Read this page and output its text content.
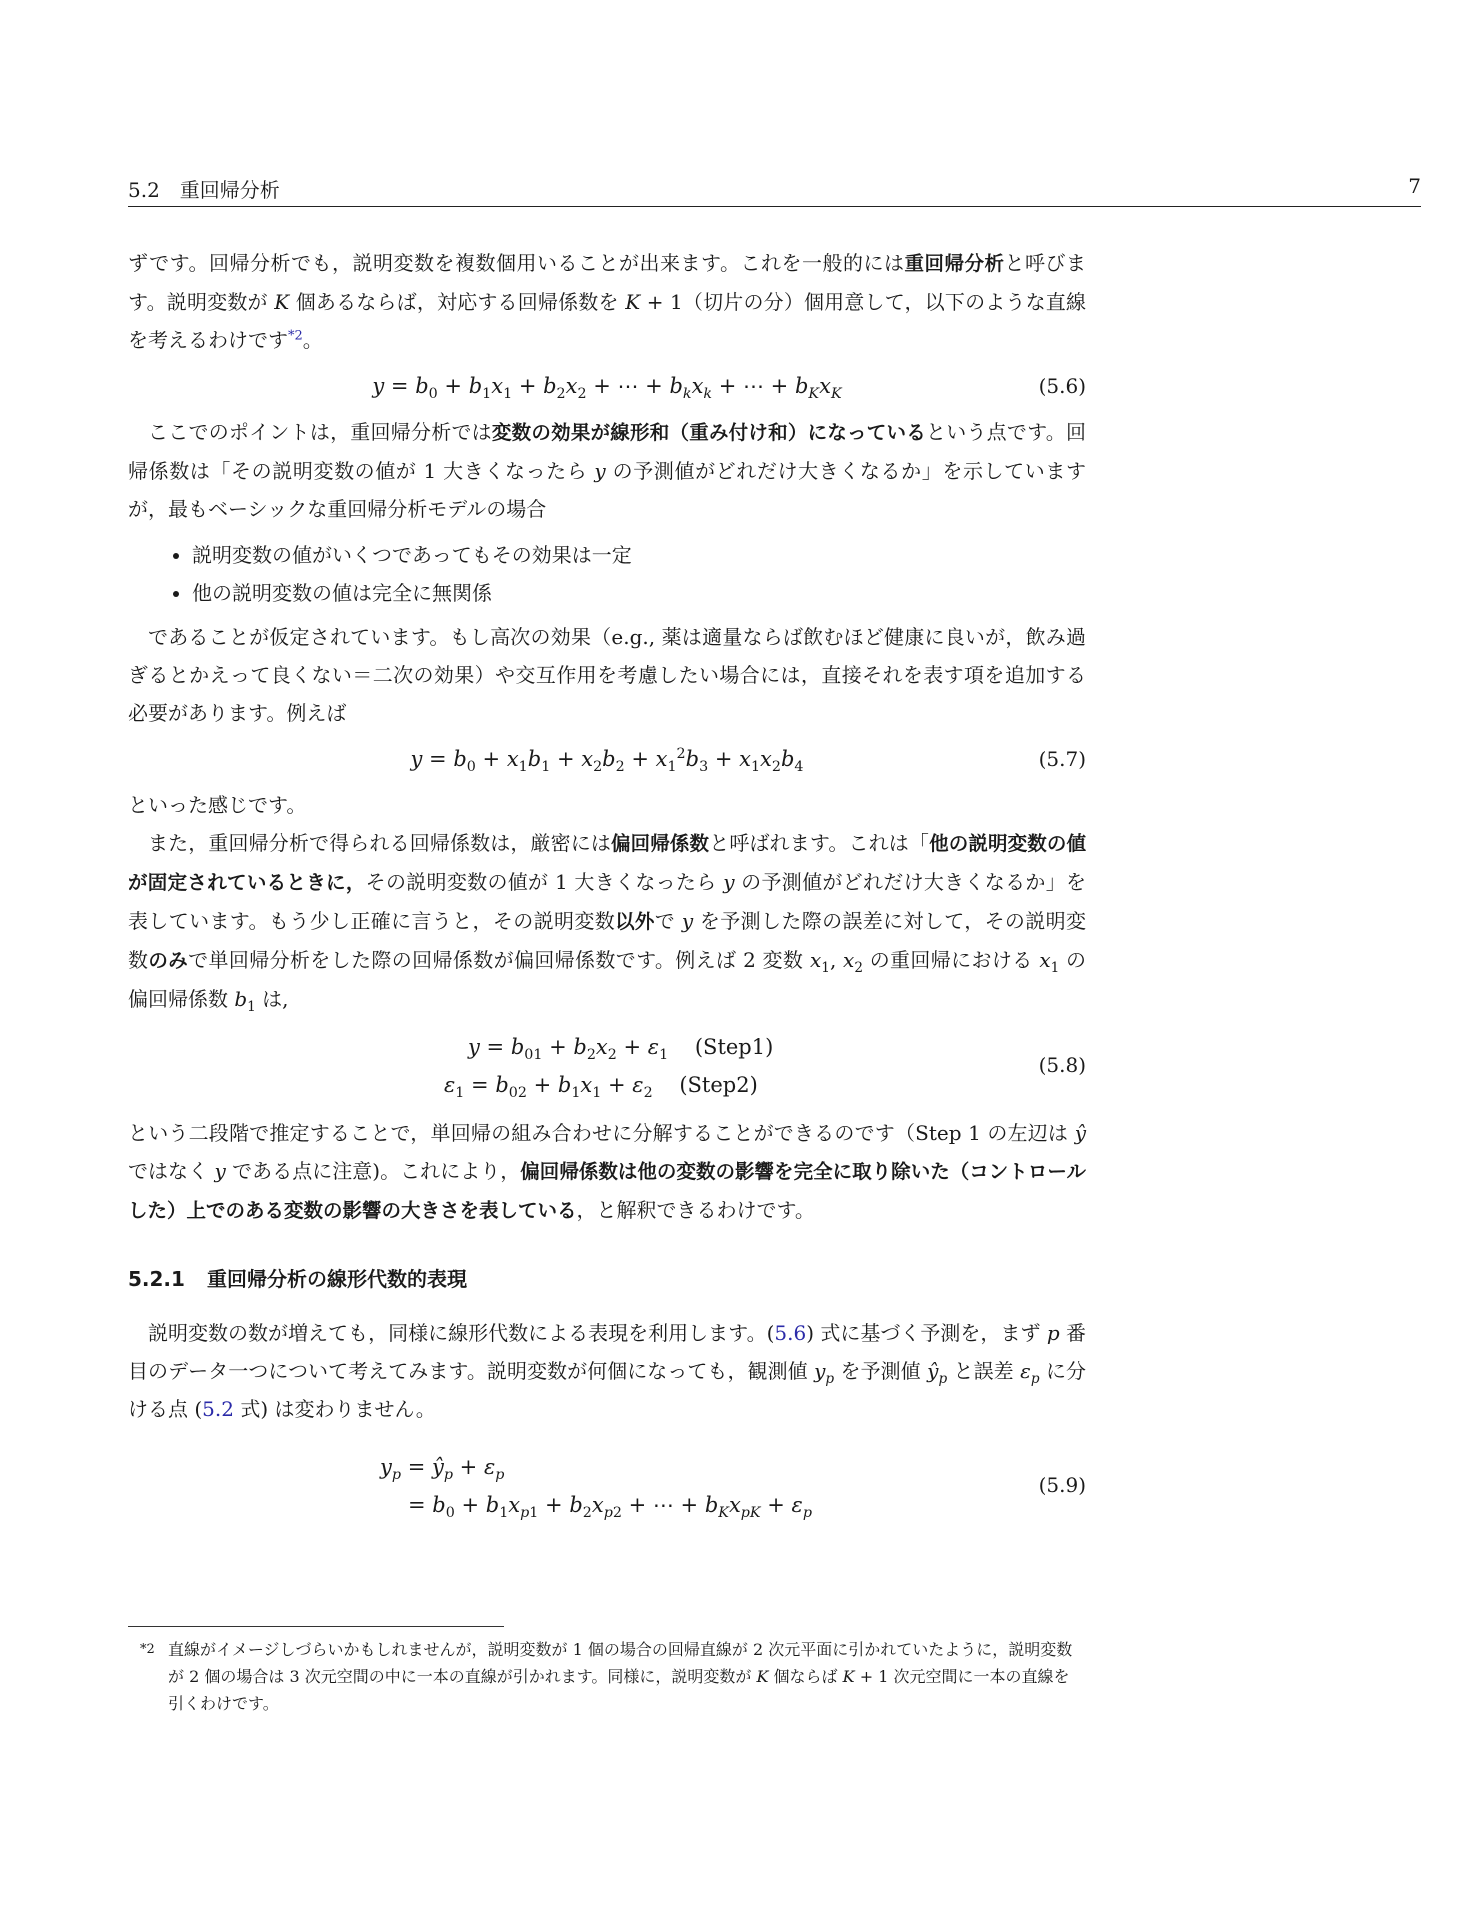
5.2　重回帰分析	7

ずです。回帰分析でも，説明変数を複数個用いることが出来ます。これを一般的には重回帰分析と呼びます。説明変数が K 個あるならば，対応する回帰係数を K + 1（切片の分）個用意して，以下のような直線を考えるわけです$^{*2}$。

$y = b_0 + b_1x_1 + b_2x_2$ + ⋯ + $b_kx_k$ + ⋯ + $b_Kx_K$	(5.6)

ここでのポイントは，重回帰分析では変数の効果が線形和（重み付け和）になっているという点です。回帰係数は「その説明変数の値が 1 大きくなったら y の予測値がどれだけ大きくなるか」を示していますが，最もベーシックな重回帰分析モデルの場合

• 説明変数の値がいくつであってもその効果は一定
• 他の説明変数の値は完全に無関係

であることが仮定されています。もし高次の効果（e.g., 薬は適量ならば飲むほど健康に良いが，飲み過ぎるとかえって良くない＝二次の効果）や交互作用を考慮したい場合には，直接それを表す項を追加する必要があります。例えば

$y = b_0 + x_1b_1 + x_2b_2 + x_1^2b_3 + x_1x_2b_4$	(5.7)

といった感じです。

また，重回帰分析で得られる回帰係数は，厳密には偏回帰係数と呼ばれます。これは「他の説明変数の値が固定されているときに，その説明変数の値が 1 大きくなったら y の予測値がどれだけ大きくなるか」を表しています。もう少し正確に言うと，その説明変数以外で y を予測した際の誤差に対して，その説明変数のみで単回帰分析をした際の回帰係数が偏回帰係数です。例えば 2 変数 $x_1$, $x_2$ の重回帰における $x_1$ の偏回帰係数 $b_1$ は,

$y = b_{01} + b_2x_2 + \varepsilon_1$ (Step1)
$\varepsilon_1 = b_{02} + b_1x_1 + \varepsilon_2$ (Step2)
(5.8)

という二段階で推定することで，単回帰の組み合わせに分解することができるのです（Step 1 の左辺は ŷ ではなく y である点に注意)。これにより，偏回帰係数は他の変数の影響を完全に取り除いた（コントロールした）上でのある変数の影響の大きさを表している，と解釈できるわけです。

5.2.1 重回帰分析の線形代数的表現

説明変数の数が増えても，同様に線形代数による表現を利用します。(5.6) 式に基づく予測を，まず p 番目のデータ一つについて考えてみます。説明変数が何個になっても，観測値 $y_p$ を予測値 $ŷ_p$ と誤差 $\varepsilon_p$ に分ける点 (5.2 式) は変わりません。

$y_p$ = $ŷ_p + \varepsilon_p$
= $b_0 + b_1x_{p1} + b_2x_{p2}$ + ⋯ + $b_Kx_{pK} + \varepsilon_p$
(5.9)
*2 直線がイメージしづらいかもしれませんが，説明変数が 1 個の場合の回帰直線が 2 次元平面に引かれていたように，説明変数が 2 個の場合は 3 次元空間の中に一本の直線が引かれます。同様に，説明変数が K 個ならば K + 1 次元空間に一本の直線を引くわけです。
